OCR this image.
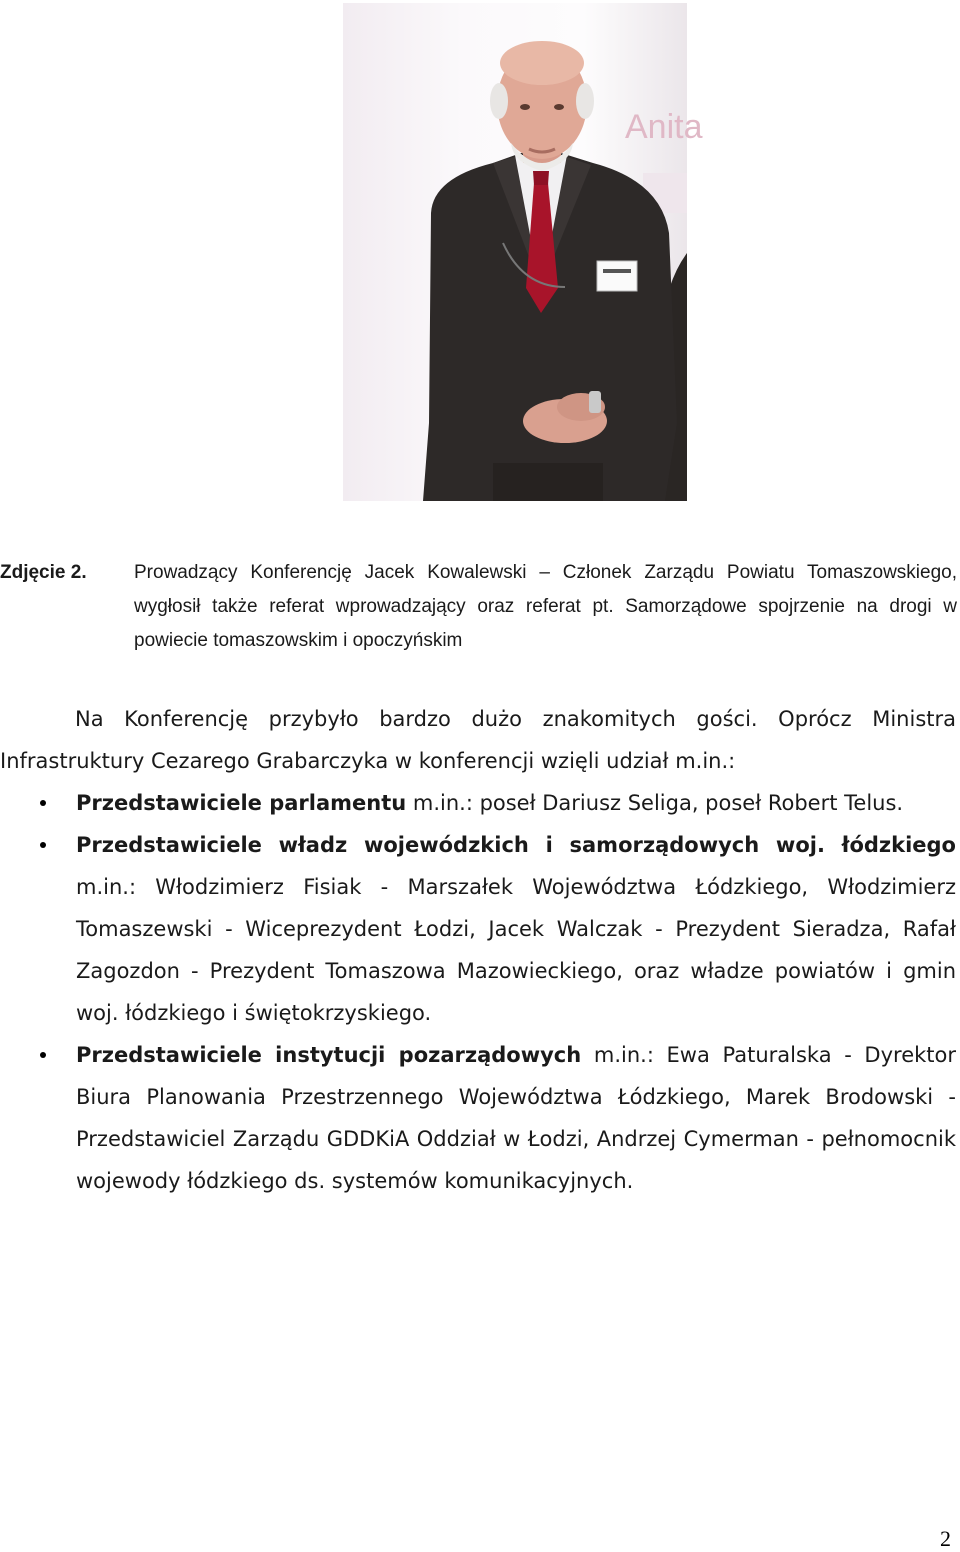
Anita
Zdjęcie 2. Prowadzący Konferencję Jacek Kowalewski – Członek Zarządu Powiatu Tomaszowskiego, wygłosił także referat wprowadzający oraz referat pt. Samorządowe spojrzenie na drogi w powiecie tomaszowskim i opoczyńskim

Na Konferencję przybyło bardzo dużo znakomitych gości. Oprócz Ministra Infrastruktury Cezarego Grabarczyka w konferencji wzięli udział m.in.:

Przedstawiciele parlamentu m.in.: poseł Dariusz Seliga, poseł Robert Telus.
Przedstawiciele władz wojewódzkich i samorządowych woj. łódzkiego m.in.: Włodzimierz Fisiak - Marszałek Województwa Łódzkiego, Włodzimierz Tomaszewski - Wiceprezydent Łodzi, Jacek Walczak - Prezydent Sieradza, Rafał Zagozdon - Prezydent Tomaszowa Mazowieckiego, oraz władze powiatów i gmin woj. łódzkiego i świętokrzyskiego.
Przedstawiciele instytucji pozarządowych m.in.: Ewa Paturalska - Dyrektor Biura Planowania Przestrzennego Województwa Łódzkiego, Marek Brodowski - Przedstawiciel Zarządu GDDKiA Oddział w Łodzi, Andrzej Cymerman - pełnomocnik wojewody łódzkiego ds. systemów komunikacyjnych.
2
